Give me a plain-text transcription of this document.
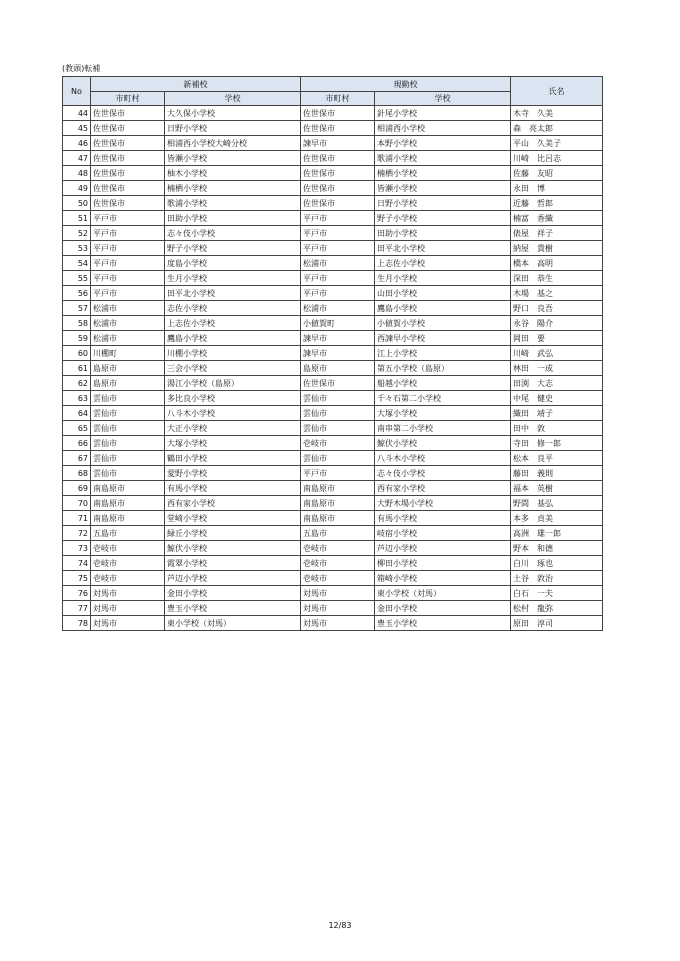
(教頭)転補
No	新補校		現勤校		氏名
	市町村	学校	市町村	学校	
44	佐世保市	大久保小学校	佐世保市	針尾小学校	木寺　久美
45	佐世保市	日野小学校	佐世保市	相浦西小学校	森　亮太郎
46	佐世保市	相浦西小学校大崎分校	諫早市	本野小学校	平山　久美子
47	佐世保市	皆瀬小学校	佐世保市	歌浦小学校	川崎　比呂志
48	佐世保市	柚木小学校	佐世保市	楠栖小学校	佐藤　友昭
49	佐世保市	楠栖小学校	佐世保市	皆瀬小学校	永田　博
50	佐世保市	歌浦小学校	佐世保市	日野小学校	近藤　哲郎
51	平戸市	田助小学校	平戸市	野子小学校	楠富　香織
52	平戸市	志々伎小学校	平戸市	田助小学校	俵屋　祥子
53	平戸市	野子小学校	平戸市	田平北小学校	納屋　貴樹
54	平戸市	度島小学校	松浦市	上志佐小学校	橋本　高明
55	平戸市	生月小学校	平戸市	生月小学校	深田　恭生
56	平戸市	田平北小学校	平戸市	山田小学校	木場　基之
57	松浦市	志佐小学校	松浦市	鷹島小学校	野口　良吾
58	松浦市	上志佐小学校	小値賀町	小値賀小学校	永谷　陽介
59	松浦市	鷹島小学校	諫早市	西諫早小学校	岡田　要
60	川棚町	川棚小学校	諫早市	江上小学校	川崎　武弘
61	島原市	三会小学校	島原市	第五小学校（島原）	林田　一成
62	島原市	湯江小学校（島原）	佐世保市	船越小学校	田渕　大志
63	雲仙市	多比良小学校	雲仙市	千々石第二小学校	中尾　健史
64	雲仙市	八斗木小学校	雲仙市	大塚小学校	織田　靖子
65	雲仙市	大正小学校	雲仙市	南串第二小学校	田中　敦
66	雲仙市	大塚小学校	壱岐市	鯨伏小学校	寺田　修一郎
67	雲仙市	鶴田小学校	雲仙市	八斗木小学校	松本　良平
68	雲仙市	愛野小学校	平戸市	志々伎小学校	藤田　義則
69	南島原市	有馬小学校	南島原市	西有家小学校	福本　英樹
70	南島原市	西有家小学校	南島原市	大野木場小学校	野間　基弘
71	南島原市	堂崎小学校	南島原市	有馬小学校	本多　貞美
72	五島市	緑丘小学校	五島市	岐宿小学校	高洲　雄一郎
73	壱岐市	鯨伏小学校	壱岐市	芦辺小学校	野本　和德
74	壱岐市	霞翠小学校	壱岐市	柳田小学校	白川　琢也
75	壱岐市	芦辺小学校	壱岐市	箱崎小学校	土谷　敦治
76	対馬市	金田小学校	対馬市	東小学校（対馬）	白石　一夫
77	対馬市	豊玉小学校	対馬市	金田小学校	松村　龍弥
78	対馬市	東小学校（対馬）	対馬市	豊玉小学校	原田　淳司
12/83
